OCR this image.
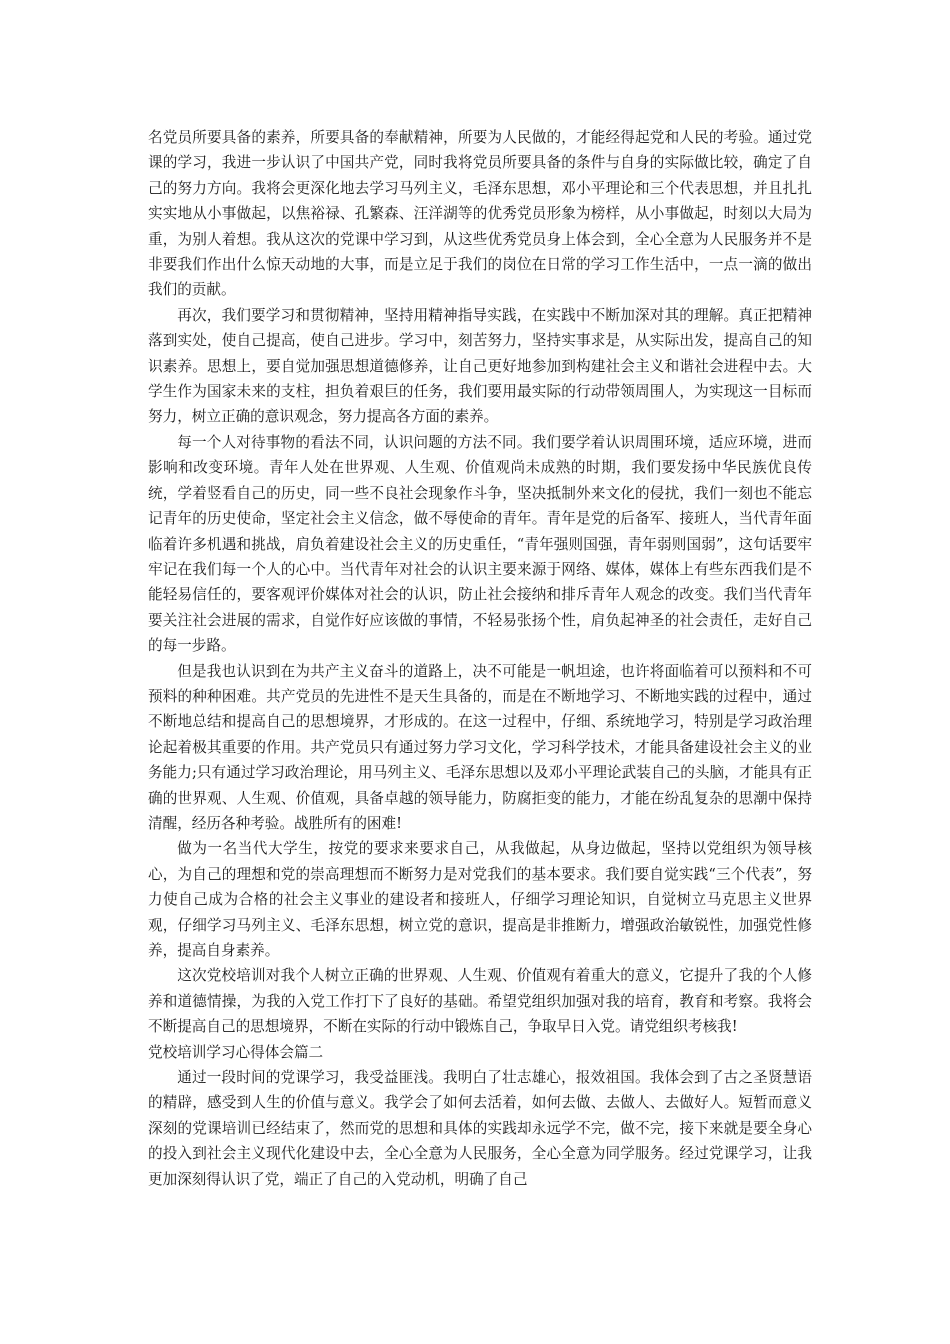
名党员所要具备的素养，所要具备的奉献精神，所要为人民做的，才能经得起党和人民的考验。通过党课的学习，我进一步认识了中国共产党，同时我将党员所要具备的条件与自身的实际做比较，确定了自己的努力方向。我将会更深化地去学习马列主义，毛泽东思想，邓小平理论和三个代表思想，并且扎扎实实地从小事做起，以焦裕禄、孔繁森、汪洋湖等的优秀党员形象为榜样，从小事做起，时刻以大局为重，为别人着想。我从这次的党课中学习到，从这些优秀党员身上体会到，全心全意为人民服务并不是非要我们作出什么惊天动地的大事，而是立足于我们的岗位在日常的学习工作生活中，一点一滴的做出我们的贡献。

再次，我们要学习和贯彻精神，坚持用精神指导实践，在实践中不断加深对其的理解。真正把精神落到实处，使自己提高，使自己进步。学习中，刻苦努力，坚持实事求是，从实际出发，提高自己的知识素养。思想上，要自觉加强思想道德修养，让自己更好地参加到构建社会主义和谐社会进程中去。大学生作为国家未来的支柱，担负着艰巨的任务，我们要用最实际的行动带领周围人，为实现这一目标而努力，树立正确的意识观念，努力提高各方面的素养。

每一个人对待事物的看法不同，认识问题的方法不同。我们要学着认识周围环境，适应环境，进而影响和改变环境。青年人处在世界观、人生观、价值观尚未成熟的时期，我们要发扬中华民族优良传统，学着竖看自己的历史，同一些不良社会现象作斗争，坚决抵制外来文化的侵扰，我们一刻也不能忘记青年的历史使命，坚定社会主义信念，做不辱使命的青年。青年是党的后备军、接班人，当代青年面临着许多机遇和挑战，肩负着建设社会主义的历史重任，“青年强则国强，青年弱则国弱”，这句话要牢牢记在我们每一个人的心中。当代青年对社会的认识主要来源于网络、媒体，媒体上有些东西我们是不能轻易信任的，要客观评价媒体对社会的认识，防止社会接纳和排斥青年人观念的改变。我们当代青年要关注社会进展的需求，自觉作好应该做的事情，不轻易张扬个性，肩负起神圣的社会责任，走好自己的每一步路。

但是我也认识到在为共产主义奋斗的道路上，决不可能是一帆坦途，也许将面临着可以预料和不可预料的种种困难。共产党员的先进性不是天生具备的，而是在不断地学习、不断地实践的过程中，通过不断地总结和提高自己的思想境界，才形成的。在这一过程中，仔细、系统地学习，特别是学习政治理论起着极其重要的作用。共产党员只有通过努力学习文化，学习科学技术，才能具备建设社会主义的业务能力;只有通过学习政治理论，用马列主义、毛泽东思想以及邓小平理论武装自己的头脑，才能具有正确的世界观、人生观、价值观，具备卓越的领导能力，防腐拒变的能力，才能在纷乱复杂的思潮中保持清醒，经历各种考验。战胜所有的困难!

做为一名当代大学生，按党的要求来要求自己，从我做起，从身边做起，坚持以党组织为领导核心，为自己的理想和党的崇高理想而不断努力是对党我们的基本要求。我们要自觉实践“三个代表”，努力使自己成为合格的社会主义事业的建设者和接班人，仔细学习理论知识，自觉树立马克思主义世界观，仔细学习马列主义、毛泽东思想，树立党的意识，提高是非推断力，增强政治敏锐性，加强党性修养，提高自身素养。

这次党校培训对我个人树立正确的世界观、人生观、价值观有着重大的意义，它提升了我的个人修养和道德情操，为我的入党工作打下了良好的基础。希望党组织加强对我的培育，教育和考察。我将会不断提高自己的思想境界，不断在实际的行动中锻炼自己，争取早日入党。请党组织考核我!

党校培训学习心得体会篇二

通过一段时间的党课学习，我受益匪浅。我明白了壮志雄心，报效祖国。我体会到了古之圣贤慧语的精辟，感受到人生的价值与意义。我学会了如何去活着，如何去做、去做人、去做好人。短暂而意义深刻的党课培训已经结束了，然而党的思想和具体的实践却永远学不完，做不完，接下来就是要全身心的投入到社会主义现代化建设中去，全心全意为人民服务，全心全意为同学服务。经过党课学习，让我更加深刻得认识了党，端正了自己的入党动机，明确了自己
